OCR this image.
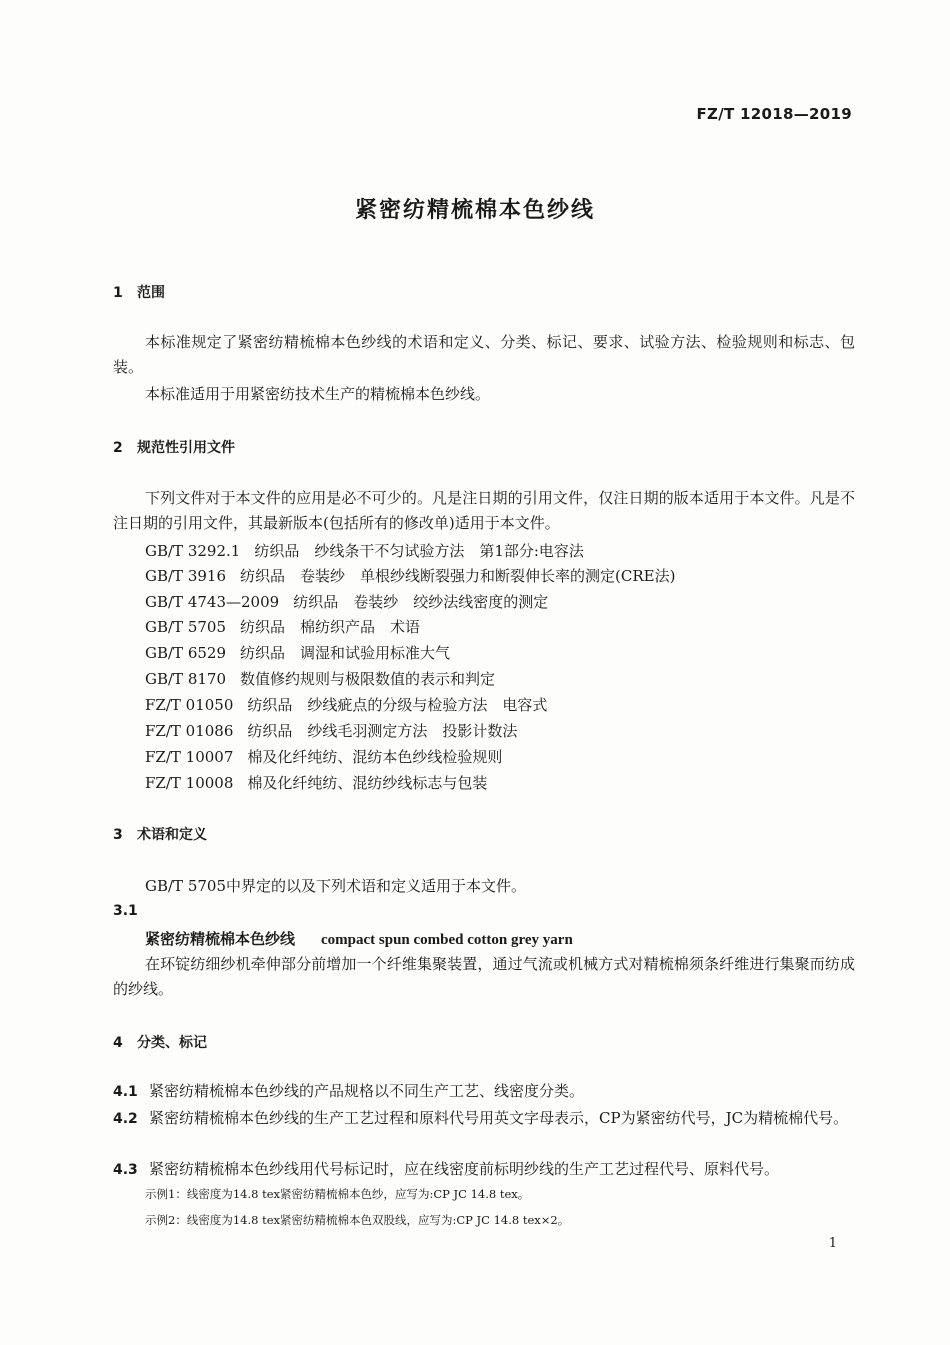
FZ/T 12018—2019
紧密纺精梳棉本色纱线
1 范围
本标准规定了紧密纺精梳棉本色纱线的术语和定义、分类、标记、要求、试验方法、检验规则和标志、包装。
本标准适用于用紧密纺技术生产的精梳棉本色纱线。
2 规范性引用文件
下列文件对于本文件的应用是必不可少的。凡是注日期的引用文件，仅注日期的版本适用于本文件。凡是不注日期的引用文件，其最新版本(包括所有的修改单)适用于本文件。
GB/T 3292.1 纺织品　纱线条干不匀试验方法　第1部分:电容法
GB/T 3916 纺织品　卷装纱　单根纱线断裂强力和断裂伸长率的测定(CRE法)
GB/T 4743—2009 纺织品　卷装纱　绞纱法线密度的测定
GB/T 5705 纺织品　棉纺织产品　术语
GB/T 6529 纺织品　调湿和试验用标准大气
GB/T 8170 数值修约规则与极限数值的表示和判定
FZ/T 01050 纺织品　纱线疵点的分级与检验方法　电容式
FZ/T 01086 纺织品　纱线毛羽测定方法　投影计数法
FZ/T 10007 棉及化纤纯纺、混纺本色纱线检验规则
FZ/T 10008 棉及化纤纯纺、混纺纱线标志与包装
3 术语和定义
GB/T 5705中界定的以及下列术语和定义适用于本文件。
3.1
紧密纺精梳棉本色纱线 compact spun combed cotton grey yarn
在环锭纺细纱机牵伸部分前增加一个纤维集聚装置，通过气流或机械方式对精梳棉须条纤维进行集聚而纺成的纱线。
4 分类、标记
4.1 紧密纺精梳棉本色纱线的产品规格以不同生产工艺、线密度分类。
4.2 紧密纺精梳棉本色纱线的生产工艺过程和原料代号用英文字母表示，CP为紧密纺代号，JC为精梳棉代号。
4.3 紧密纺精梳棉本色纱线用代号标记时，应在线密度前标明纱线的生产工艺过程代号、原料代号。
示例1：线密度为14.8 tex紧密纺精梳棉本色纱，应写为:CP JC 14.8 tex。
示例2：线密度为14.8 tex紧密纺精梳棉本色双股线，应写为:CP JC 14.8 tex×2。
1
